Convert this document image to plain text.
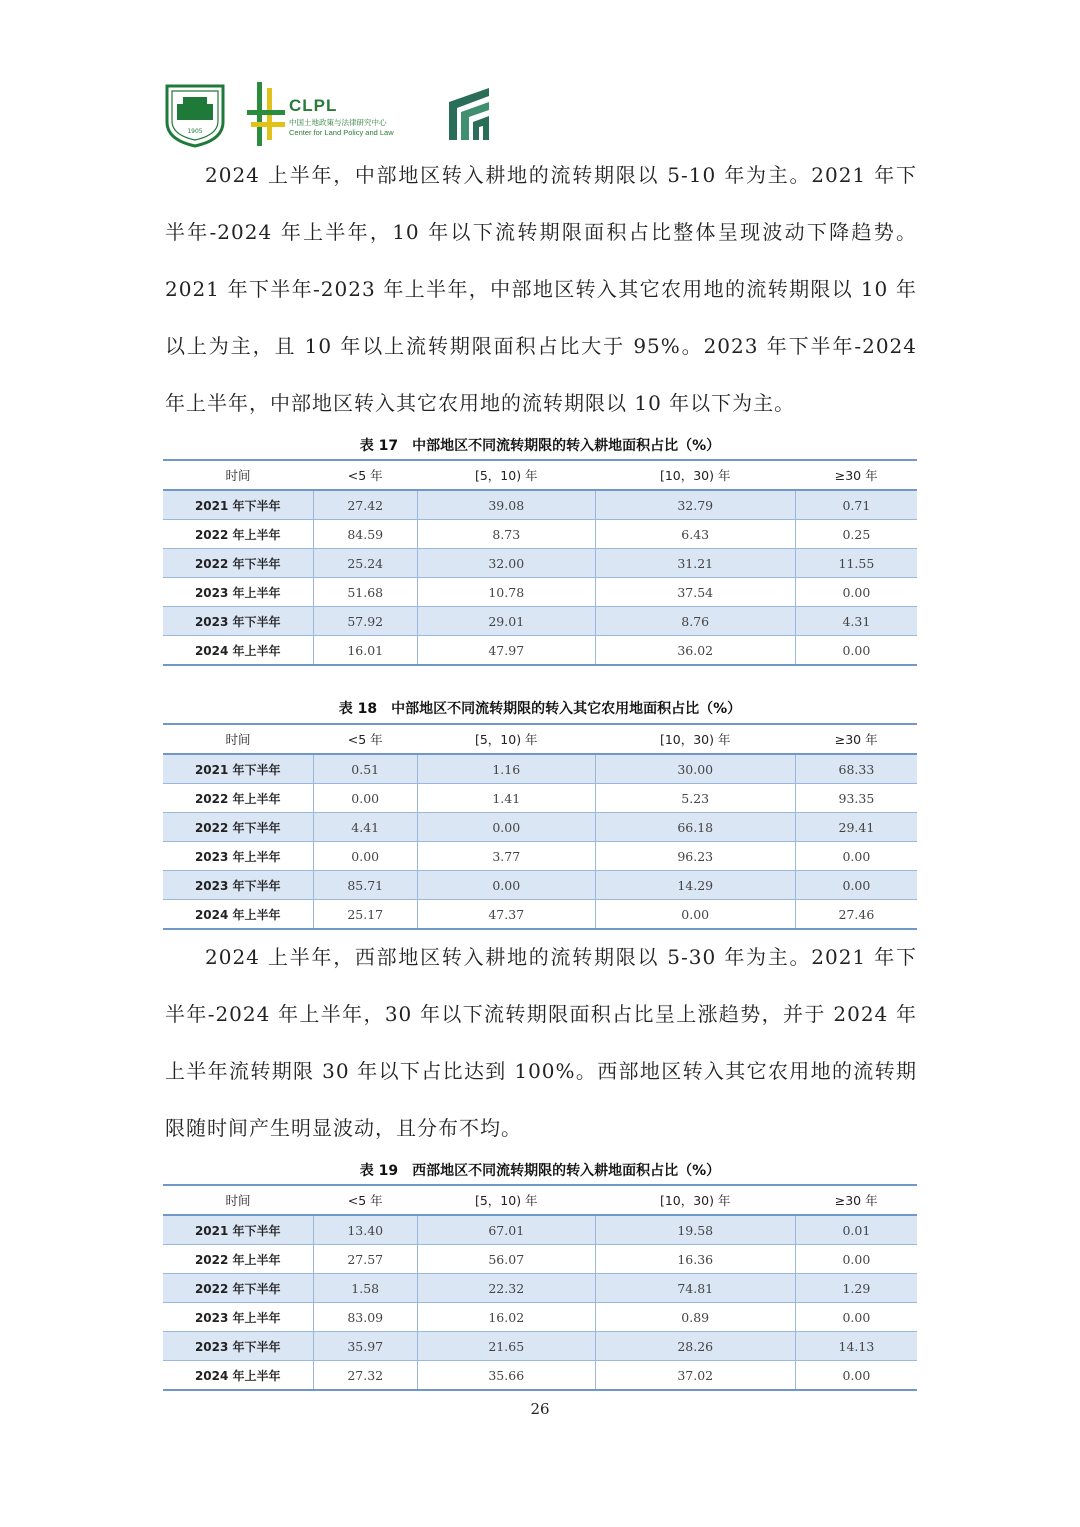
1905
CLPL
中国土地政策与法律研究中心
Center for Land Policy and Law

2024 上半年，中部地区转入耕地的流转期限以 5-10 年为主。2021 年下半年-2024 年上半年，10 年以下流转期限面积占比整体呈现波动下降趋势。2021 年下半年-2023 年上半年，中部地区转入其它农用地的流转期限以 10 年以上为主，且 10 年以上流转期限面积占比大于 95%。2023 年下半年-2024 年上半年，中部地区转入其它农用地的流转期限以 10 年以下为主。

表 17　中部地区不同流转期限的转入耕地面积占比（%）
时间	<5 年	[5，10) 年	[10，30) 年	≥30 年
2021 年下半年	27.42	39.08	32.79	0.71
2022 年上半年	84.59	8.73	6.43	0.25
2022 年下半年	25.24	32.00	31.21	11.55
2023 年上半年	51.68	10.78	37.54	0.00
2023 年下半年	57.92	29.01	8.76	4.31
2024 年上半年	16.01	47.97	36.02	0.00
表 18　中部地区不同流转期限的转入其它农用地面积占比（%）
时间	<5 年	[5，10) 年	[10，30) 年	≥30 年
2021 年下半年	0.51	1.16	30.00	68.33
2022 年上半年	0.00	1.41	5.23	93.35
2022 年下半年	4.41	0.00	66.18	29.41
2023 年上半年	0.00	3.77	96.23	0.00
2023 年下半年	85.71	0.00	14.29	0.00
2024 年上半年	25.17	47.37	0.00	27.46

2024 上半年，西部地区转入耕地的流转期限以 5-30 年为主。2021 年下半年-2024 年上半年，30 年以下流转期限面积占比呈上涨趋势，并于 2024 年上半年流转期限 30 年以下占比达到 100%。西部地区转入其它农用地的流转期限随时间产生明显波动，且分布不均。

表 19　西部地区不同流转期限的转入耕地面积占比（%）
时间	<5 年	[5，10) 年	[10，30) 年	≥30 年
2021 年下半年	13.40	67.01	19.58	0.01
2022 年上半年	27.57	56.07	16.36	0.00
2022 年下半年	1.58	22.32	74.81	1.29
2023 年上半年	83.09	16.02	0.89	0.00
2023 年下半年	35.97	21.65	28.26	14.13
2024 年上半年	27.32	35.66	37.02	0.00
26
